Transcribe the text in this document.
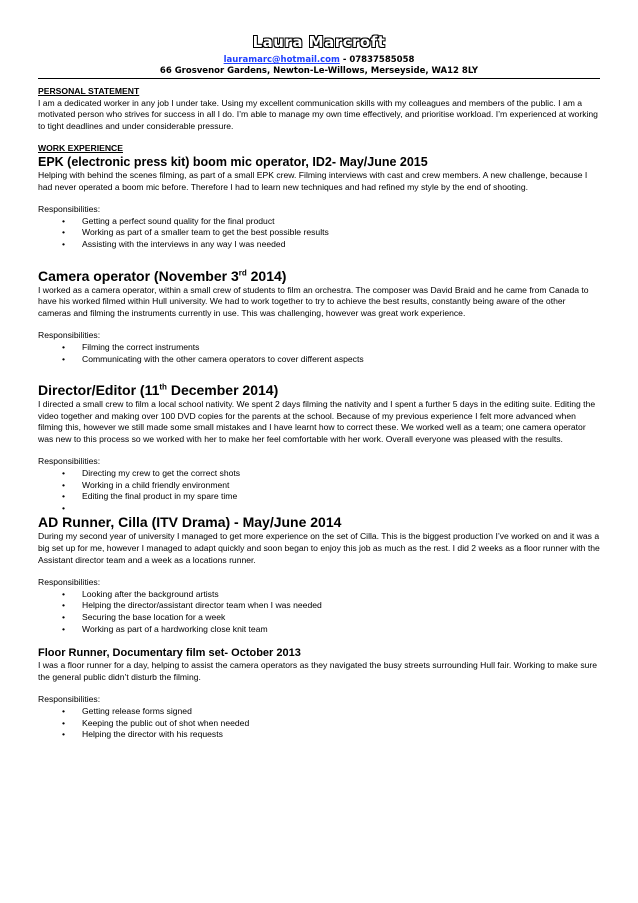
Laura Marcroft
lauramarc@hotmail.com - 07837585058
66 Grosvenor Gardens, Newton-Le-Willows, Merseyside, WA12 8LY
PERSONAL STATEMENT

I am a dedicated worker in any job I under take. Using my excellent communication skills with my colleagues and members of the public. I am a motivated person who strives for success in all I do. I’m able to manage my own time effectively, and prioritise workload. I’m experienced at working to tight deadlines and under considerable pressure.

WORK EXPERIENCE
EPK (electronic press kit) boom mic operator, ID2- May/June 2015

Helping with behind the scenes filming, as part of a small EPK crew. Filming interviews with cast and crew members. A new challenge, because I had never operated a boom mic before. Therefore I had to learn new techniques and had refined my style by the end of shooting.

Responsibilities:

• Getting a perfect sound quality for the final product
• Working as part of a smaller team to get the best possible results
• Assisting with the interviews in any way I was needed
Camera operator (November 3rd 2014)

I worked as a camera operator, within a small crew of students to film an orchestra. The composer was David Braid and he came from Canada to have his worked filmed within Hull university. We had to work together to try to achieve the best results, constantly being aware of the other cameras and filming the instruments currently in use. This was challenging, however was great work experience.

Responsibilities:

• Filming the correct instruments
• Communicating with the other camera operators to cover different aspects
Director/Editor (11th December 2014)

I directed a small crew to film a local school nativity. We spent 2 days filming the nativity and I spent a further 5 days in the editing suite. Editing the video together and making over 100 DVD copies for the parents at the school. Because of my previous experience I felt more advanced when filming this, however we still made some small mistakes and I have learnt how to correct these. We worked well as a team; one camera operator was new to this process so we worked with her to make her feel comfortable with her work. Overall everyone was pleased with the results.

Responsibilities:

• Directing my crew to get the correct shots
• Working in a child friendly environment
• Editing the final product in my spare time
•
AD Runner, Cilla (ITV Drama) - May/June 2014

During my second year of university I managed to get more experience on the set of Cilla. This is the biggest production I’ve worked on and it was a big set up for me, however I managed to adapt quickly and soon began to enjoy this job as much as the rest. I did 2 weeks as a floor runner with the Assistant director team and a week as a locations runner.

Responsibilities:

• Looking after the background artists
• Helping the director/assistant director team when I was needed
• Securing the base location for a week
• Working as part of a hardworking close knit team
Floor Runner, Documentary film set- October 2013

I was a floor runner for a day, helping to assist the camera operators as they navigated the busy streets surrounding Hull fair. Working to make sure the general public didn’t disturb the filming.

Responsibilities:

• Getting release forms signed
• Keeping the public out of shot when needed
• Helping the director with his requests
